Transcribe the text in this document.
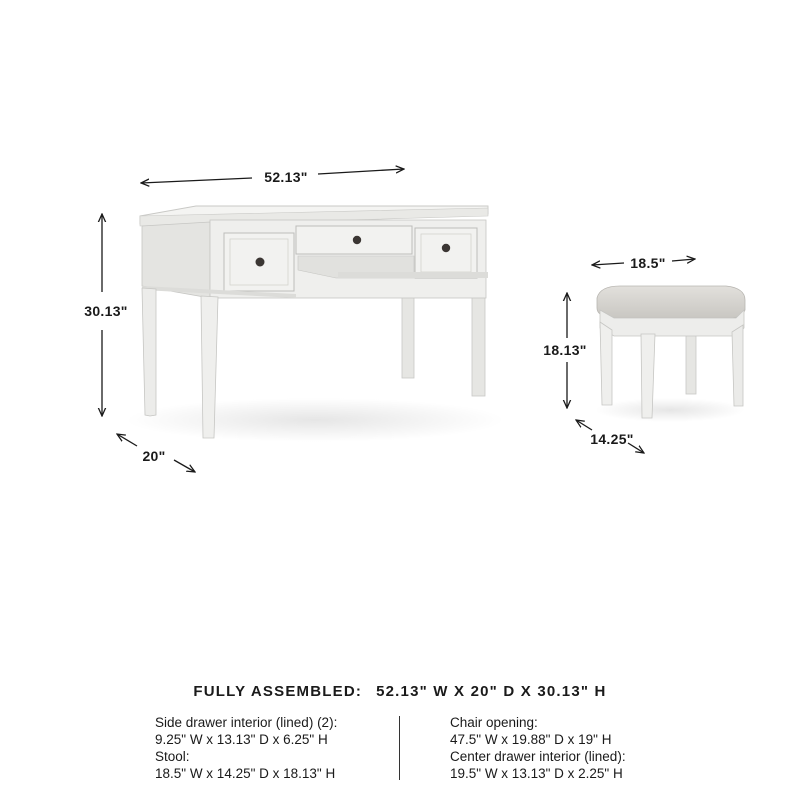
52.13"
30.13"
20"
18.5"
18.13"
14.25"
FULLY ASSEMBLED: 52.13" W X 20" D X 30.13" H
Side drawer interior (lined) (2):
9.25" W x 13.13" D x 6.25" H
Stool:
18.5" W x 14.25" D x 18.13" H
Chair opening:
47.5" W x 19.88" D x 19" H
Center drawer interior (lined):
19.5" W x 13.13" D x 2.25" H
